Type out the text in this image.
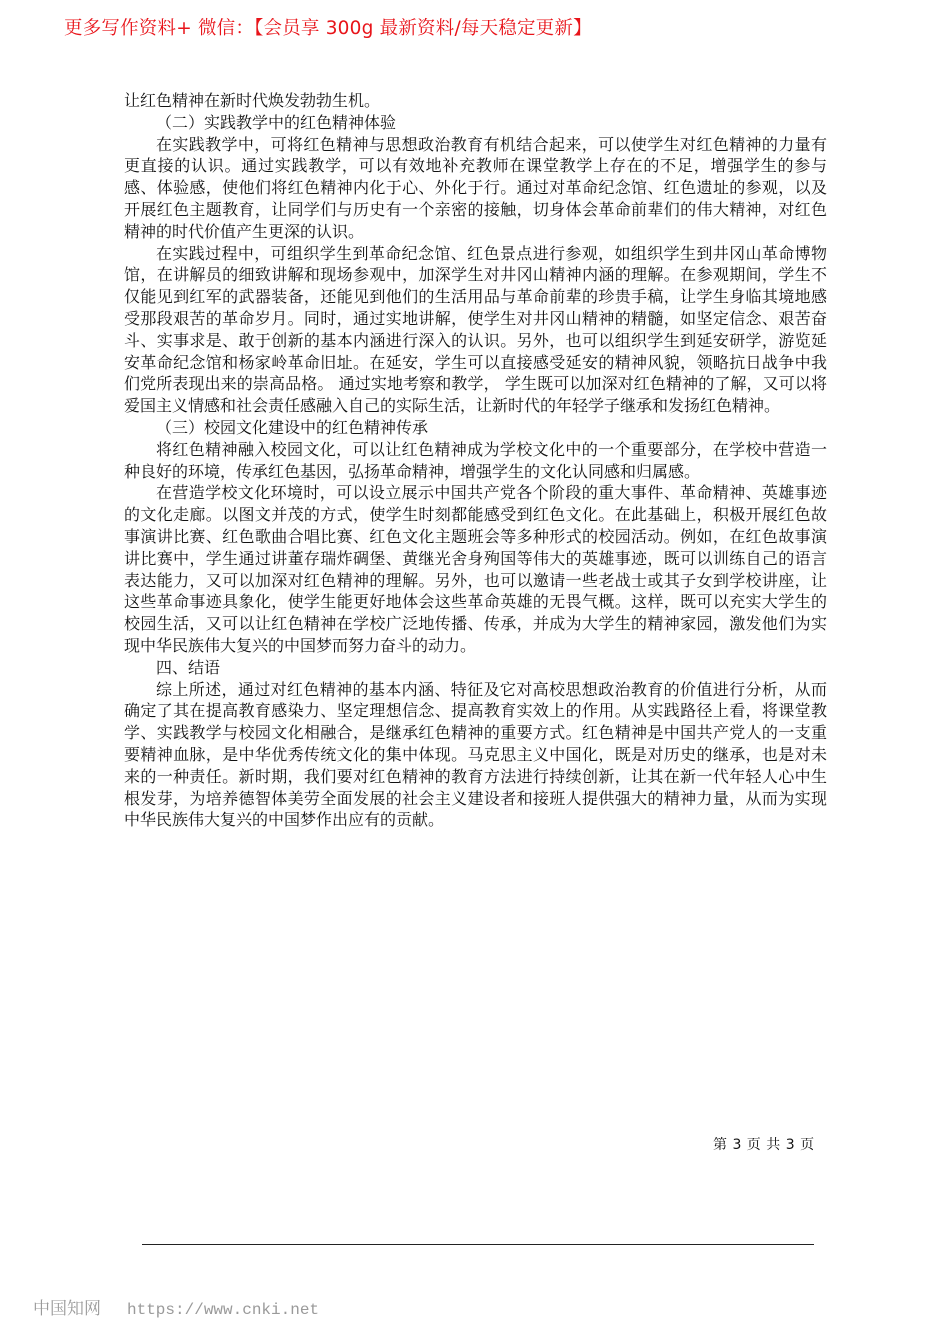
更多写作资料+ 微信：【会员享 300g 最新资料/每天稳定更新】

让红色精神在新时代焕发勃勃生机。

（二）实践教学中的红色精神体验

在实践教学中，可将红色精神与思想政治教育有机结合起来，可以使学生对红色精神的力量有更直接的认识。通过实践教学，可以有效地补充教师在课堂教学上存在的不足，增强学生的参与感、体验感，使他们将红色精神内化于心、外化于行。通过对革命纪念馆、红色遗址的参观，以及开展红色主题教育，让同学们与历史有一个亲密的接触，切身体会革命前辈们的伟大精神，对红色精神的时代价值产生更深的认识。

在实践过程中，可组织学生到革命纪念馆、红色景点进行参观，如组织学生到井冈山革命博物馆，在讲解员的细致讲解和现场参观中，加深学生对井冈山精神内涵的理解。在参观期间，学生不仅能见到红军的武器装备，还能见到他们的生活用品与革命前辈的珍贵手稿，让学生身临其境地感受那段艰苦的革命岁月。同时，通过实地讲解，使学生对井冈山精神的精髓，如坚定信念、艰苦奋斗、实事求是、敢于创新的基本内涵进行深入的认识。另外，也可以组织学生到延安研学，游览延安革命纪念馆和杨家岭革命旧址。在延安，学生可以直接感受延安的精神风貌，领略抗日战争中我们党所表现出来的崇高品格。 通过实地考察和教学， 学生既可以加深对红色精神的了解，又可以将爱国主义情感和社会责任感融入自己的实际生活，让新时代的年轻学子继承和发扬红色精神。

（三）校园文化建设中的红色精神传承

将红色精神融入校园文化，可以让红色精神成为学校文化中的一个重要部分，在学校中营造一种良好的环境，传承红色基因，弘扬革命精神，增强学生的文化认同感和归属感。

在营造学校文化环境时，可以设立展示中国共产党各个阶段的重大事件、革命精神、英雄事迹的文化走廊。以图文并茂的方式，使学生时刻都能感受到红色文化。在此基础上，积极开展红色故事演讲比赛、红色歌曲合唱比赛、红色文化主题班会等多种形式的校园活动。例如，在红色故事演讲比赛中，学生通过讲董存瑞炸碉堡、黄继光舍身殉国等伟大的英雄事迹，既可以训练自己的语言表达能力，又可以加深对红色精神的理解。另外，也可以邀请一些老战士或其子女到学校讲座，让这些革命事迹具象化，使学生能更好地体会这些革命英雄的无畏气概。这样，既可以充实大学生的校园生活，又可以让红色精神在学校广泛地传播、传承，并成为大学生的精神家园，激发他们为实现中华民族伟大复兴的中国梦而努力奋斗的动力。

四、结语

综上所述，通过对红色精神的基本内涵、特征及它对高校思想政治教育的价值进行分析，从而确定了其在提高教育感染力、坚定理想信念、提高教育实效上的作用。从实践路径上看，将课堂教学、实践教学与校园文化相融合，是继承红色精神的重要方式。红色精神是中国共产党人的一支重要精神血脉，是中华优秀传统文化的集中体现。马克思主义中国化，既是对历史的继承，也是对未来的一种责任。新时期，我们要对红色精神的教育方法进行持续创新，让其在新一代年轻人心中生根发芽，为培养德智体美劳全面发展的社会主义建设者和接班人提供强大的精神力量，从而为实现中华民族伟大复兴的中国梦作出应有的贡献。

第 3 页 共 3 页
中国知网 https://www.cnki.net
